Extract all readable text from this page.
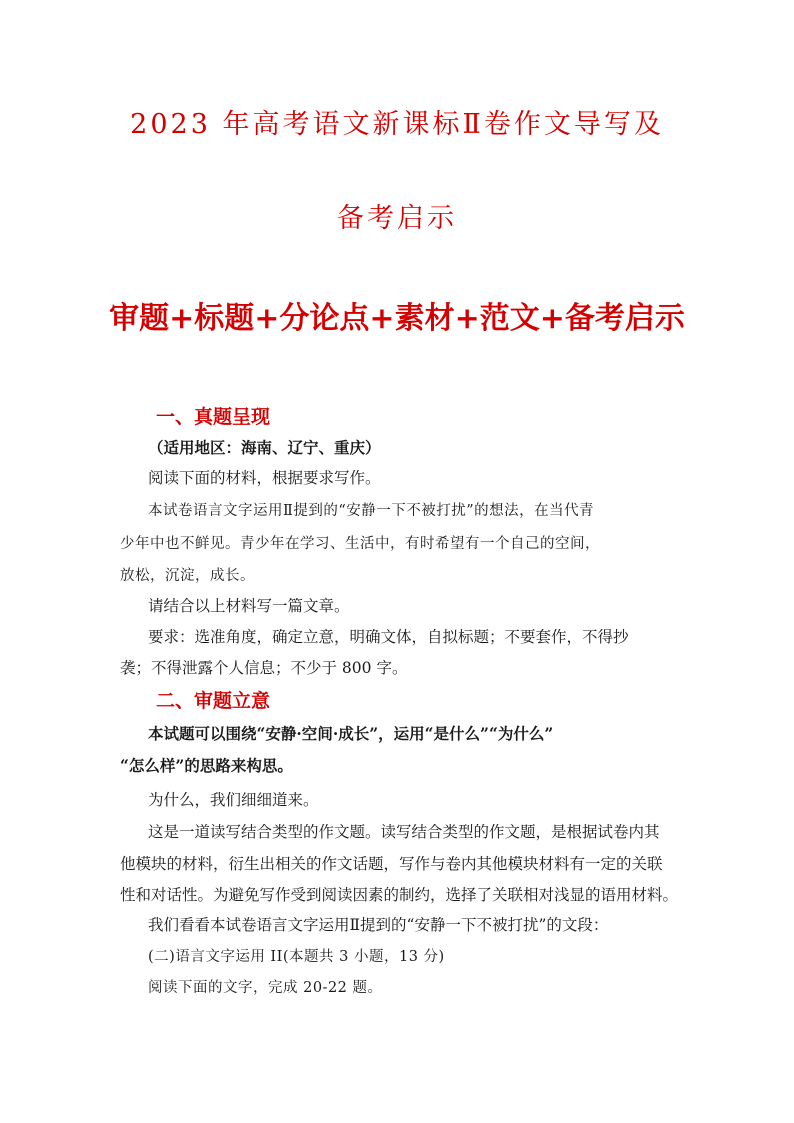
2023 年高考语文新课标Ⅱ卷作文导写及
备考启示
审题+标题+分论点+素材+范文+备考启示
一、真题呈现
（适用地区：海南、辽宁、重庆）
阅读下面的材料，根据要求写作。
本试卷语言文字运用Ⅱ提到的“安静一下不被打扰”的想法，在当代青
少年中也不鲜见。青少年在学习、生活中，有时希望有一个自己的空间，
放松，沉淀，成长。
请结合以上材料写一篇文章。
要求：选准角度，确定立意，明确文体，自拟标题；不要套作，不得抄
袭；不得泄露个人信息；不少于 800 字。
二、审题立意
本试题可以围绕“安静·空间·成长”，运用“是什么”“为什么”
“怎么样”的思路来构思。
为什么，我们细细道来。
这是一道读写结合类型的作文题。读写结合类型的作文题，是根据试卷内其
他模块的材料，衍生出相关的作文话题，写作与卷内其他模块材料有一定的关联
性和对话性。为避免写作受到阅读因素的制约，选择了关联相对浅显的语用材料。
我们看看本试卷语言文字运用Ⅱ提到的“安静一下不被打扰”的文段：
(二)语言文字运用 II(本题共 3 小题，13 分)
阅读下面的文字，完成 20-22 题。
